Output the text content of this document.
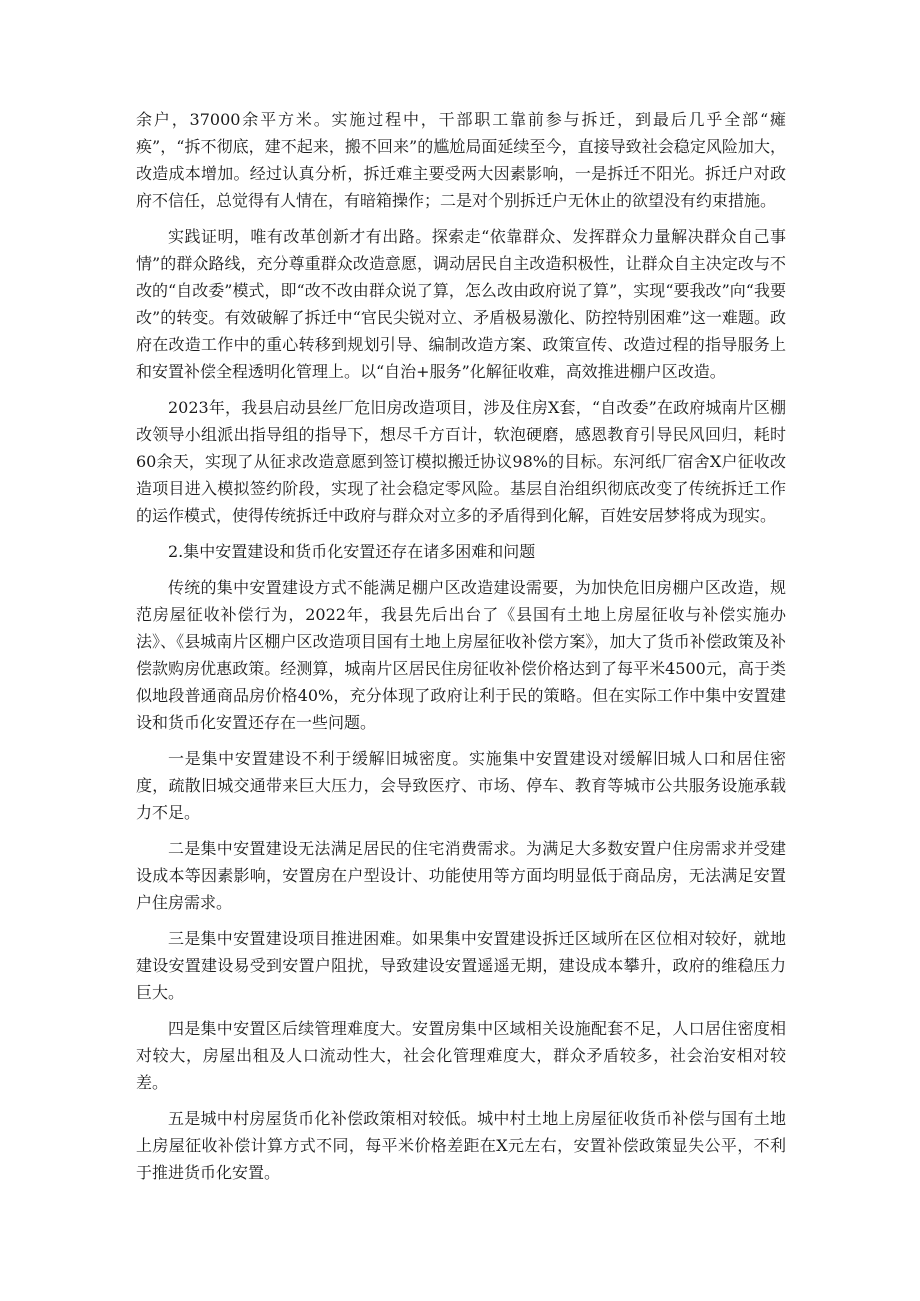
余户，37000余平方米。实施过程中，干部职工靠前参与拆迁，到最后几乎全部“瘫痪”，“拆不彻底，建不起来，搬不回来”的尴尬局面延续至今，直接导致社会稳定风险加大，改造成本增加。经过认真分析，拆迁难主要受两大因素影响，一是拆迁不阳光。拆迁户对政府不信任，总觉得有人情在，有暗箱操作；二是对个别拆迁户无休止的欲望没有约束措施。

实践证明，唯有改革创新才有出路。探索走“依靠群众、发挥群众力量解决群众自己事情”的群众路线，充分尊重群众改造意愿，调动居民自主改造积极性，让群众自主决定改与不改的“自改委”模式，即“改不改由群众说了算，怎么改由政府说了算”，实现“要我改”向“我要改”的转变。有效破解了拆迁中“官民尖锐对立、矛盾极易激化、防控特别困难”这一难题。政府在改造工作中的重心转移到规划引导、编制改造方案、政策宣传、改造过程的指导服务上和安置补偿全程透明化管理上。以“自治+服务”化解征收难，高效推进棚户区改造。

2023年，我县启动县丝厂危旧房改造项目，涉及住房X套，“自改委”在政府城南片区棚改领导小组派出指导组的指导下，想尽千方百计，软泡硬磨，感恩教育引导民风回归，耗时60余天，实现了从征求改造意愿到签订模拟搬迁协议98%的目标。东河纸厂宿舍X户征收改造项目进入模拟签约阶段，实现了社会稳定零风险。基层自治组织彻底改变了传统拆迁工作的运作模式，使得传统拆迁中政府与群众对立多的矛盾得到化解，百姓安居梦将成为现实。

2.集中安置建设和货币化安置还存在诸多困难和问题

传统的集中安置建设方式不能满足棚户区改造建设需要，为加快危旧房棚户区改造，规范房屋征收补偿行为，2022年，我县先后出台了《县国有土地上房屋征收与补偿实施办法》、《县城南片区棚户区改造项目国有土地上房屋征收补偿方案》，加大了货币补偿政策及补偿款购房优惠政策。经测算，城南片区居民住房征收补偿价格达到了每平米4500元，高于类似地段普通商品房价格40%，充分体现了政府让利于民的策略。但在实际工作中集中安置建设和货币化安置还存在一些问题。

一是集中安置建设不利于缓解旧城密度。实施集中安置建设对缓解旧城人口和居住密度，疏散旧城交通带来巨大压力，会导致医疗、市场、停车、教育等城市公共服务设施承载力不足。

二是集中安置建设无法满足居民的住宅消费需求。为满足大多数安置户住房需求并受建设成本等因素影响，安置房在户型设计、功能使用等方面均明显低于商品房，无法满足安置户住房需求。

三是集中安置建设项目推进困难。如果集中安置建设拆迁区域所在区位相对较好，就地建设安置建设易受到安置户阻扰，导致建设安置遥遥无期，建设成本攀升，政府的维稳压力巨大。

四是集中安置区后续管理难度大。安置房集中区域相关设施配套不足，人口居住密度相对较大，房屋出租及人口流动性大，社会化管理难度大，群众矛盾较多，社会治安相对较差。

五是城中村房屋货币化补偿政策相对较低。城中村土地上房屋征收货币补偿与国有土地上房屋征收补偿计算方式不同，每平米价格差距在X元左右，安置补偿政策显失公平，不利于推进货币化安置。
